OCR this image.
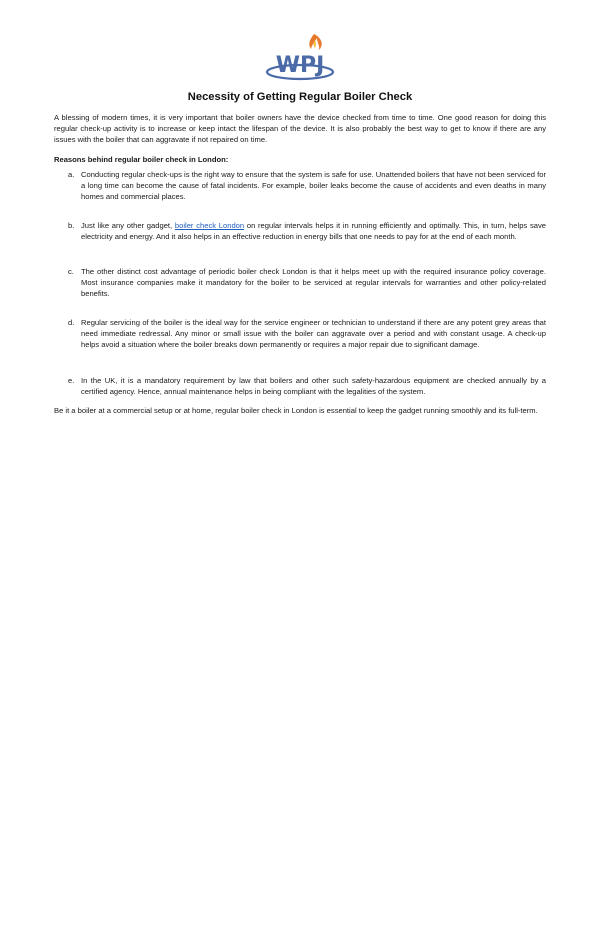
WPJ
Necessity of Getting Regular Boiler Check
A blessing of modern times, it is very important that boiler owners have the device checked from time to time. One good reason for doing this regular check-up activity is to increase or keep intact the lifespan of the device. It is also probably the best way to get to know if there are any issues with the boiler that can aggravate if not repaired on time.
Reasons behind regular boiler check in London:
a. Conducting regular check-ups is the right way to ensure that the system is safe for use. Unattended boilers that have not been serviced for a long time can become the cause of fatal incidents. For example, boiler leaks become the cause of accidents and even deaths in many homes and commercial places.
b. Just like any other gadget, boiler check London on regular intervals helps it in running efficiently and optimally. This, in turn, helps save electricity and energy. And it also helps in an effective reduction in energy bills that one needs to pay for at the end of each month.
c. The other distinct cost advantage of periodic boiler check London is that it helps meet up with the required insurance policy coverage. Most insurance companies make it mandatory for the boiler to be serviced at regular intervals for warranties and other policy-related benefits.
d. Regular servicing of the boiler is the ideal way for the service engineer or technician to understand if there are any potent grey areas that need immediate redressal. Any minor or small issue with the boiler can aggravate over a period and with constant usage. A check-up helps avoid a situation where the boiler breaks down permanently or requires a major repair due to significant damage.
e. In the UK, it is a mandatory requirement by law that boilers and other such safety-hazardous equipment are checked annually by a certified agency. Hence, annual maintenance helps in being compliant with the legalities of the system.
Be it a boiler at a commercial setup or at home, regular boiler check in London is essential to keep the gadget running smoothly and its full-term.
